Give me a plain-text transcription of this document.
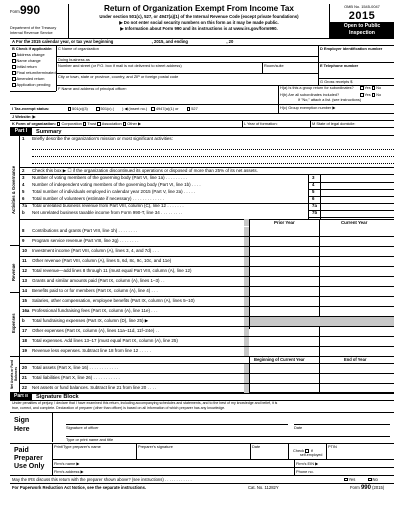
Form 990
Department of the Treasury
Internal Revenue Service
Return of Organization Exempt From Income Tax
Under section 501(c), 527, or 4947(a)(1) of the Internal Revenue Code (except private foundations)
▶ Do not enter social security numbers on this form as it may be made public.
▶ Information about Form 990 and its instructions is at www.irs.gov/form990.
OMB No. 1545-0047
2015
Open to Public
Inspection
A For the 2015 calendar year, or tax year beginning	, 2015, and ending	, 20
B Check if applicable:
Address change
Name change
Initial return
Final return/terminated
Amended return
Application pending
C Name of organization
Doing business as
Number and street (or P.O. box if mail is not delivered to street address)	Room/suite
City or town, state or province, country, and ZIP or foreign postal code
D Employer identification number
E Telephone number
G Gross receipts $
F Name and address of principal officer:	H(a) Is this a group return for subordinates?	Yes No
H(b) Are all subordinates included?	Yes No
If "No," attach a list. (see instructions)
H(c) Group exemption number ▶
I Tax-exempt status:	501(c)(3)	501(c) ( ) ◀ (insert no.) 4947(a)(1) or	527
J Website: ▶
K Form of organization: Corporation Trust Association Other ▶	L Year of formation:	M State of legal domicile:
Part I	Summary
Activities & Governance
Revenue
Expenses
Net Assets or Fund Balances
1 Briefly describe the organization's mission or most significant activities:
2 Check this box ▶ ☐ if the organization discontinued its operations or disposed of more than 25% of its net assets.
Prior Year	Current Year
Beginning of Current Year	End of Year
Part II	Signature Block
Under penalties of perjury, I declare that I have examined this return, including accompanying schedules and statements, and to the best of my knowledge and belief, it is
true, correct, and complete. Declaration of preparer (other than officer) is based on all information of which preparer has any knowledge.
Sign
Here	Signature of officer	Date
Type or print name and title
Paid
Preparer
Use Only
Print/Type preparer's name	Preparer's signature	Date
Check if
self-employed
PTIN
Firm's name ▶	Firm's EIN ▶
Firm's address ▶	Phone no.
May the IRS discuss this return with the preparer shown above? (see instructions) . . . . . . . . . . . .	Yes	No
For Paperwork Reduction Act Notice, see the separate instructions.	Cat. No. 11282Y	Form 990 (2015)
3 Number of voting members of the governing body (Part VI, line 1a) . . . . . . . . .	3
4 Number of independent voting members of the governing body (Part VI, line 1b) . . . .	4
5 Total number of individuals employed in calendar year 2015 (Part V, line 2a) . . . . .	5
6 Total number of volunteers (estimate if necessary) . . . . . . . . . . . . .	6
7a Total unrelated business revenue from Part VIII, column (C), line 12 . . . . . . .	7a
b Net unrelated business taxable income from Form 990-T, line 34 . . . . . . . . .	7b
8 Contributions and grants (Part VIII, line 1h) . . . . . . . .
9 Program service revenue (Part VIII, line 2g) . . . . . . . .
10 Investment income (Part VIII, column (A), lines 3, 4, and 7d) . . .
11 Other revenue (Part VIII, column (A), lines 5, 6d, 8c, 9c, 10c, and 11e)
12 Total revenue—add lines 8 through 11 (must equal Part VIII, column (A), line 12)
13 Grants and similar amounts paid (Part IX, column (A), lines 1–3) . .
14 Benefits paid to or for members (Part IX, column (A), line 4) . . .
15 Salaries, other compensation, employee benefits (Part IX, column (A), lines 5–10)
16a Professional fundraising fees (Part IX, column (A), line 11e) . . .
b Total fundraising expenses (Part IX, column (D), line 25) ▶
17 Other expenses (Part IX, column (A), lines 11a–11d, 11f–24e) . .
18 Total expenses. Add lines 13–17 (must equal Part IX, column (A), line 25)
19 Revenue less expenses. Subtract line 18 from line 12 . . . . .
20 Total assets (Part X, line 16) . . . . . . . . . . . .
21 Total liabilities (Part X, line 26) . . . . . . . . . . .
22 Net assets or fund balances. Subtract line 21 from line 20 . . . .
